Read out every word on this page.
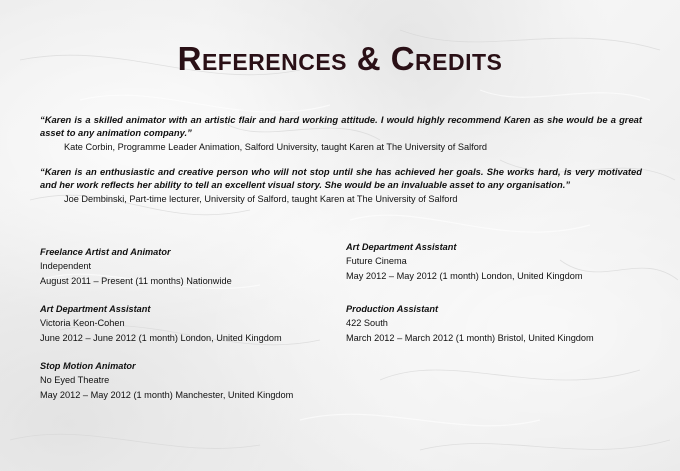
References & Credits

“Karen is a skilled animator with an artistic flair and hard working attitude. I would highly recommend Karen as she would be a great asset to any animation company.”

Kate Corbin, Programme Leader Animation, Salford University, taught Karen at The University of Salford

“Karen is an enthusiastic and creative person who will not stop until she has achieved her goals. She works hard, is very motivated and her work reflects her ability to tell an excellent visual story. She would be an invaluable asset to any organisation.”

Joe Dembinski, Part-time lecturer, University of Salford, taught Karen at The University of Salford

Freelance Artist and Animator

Independent

August 2011 – Present (11 months) Nationwide

Art Department Assistant

Victoria Keon-Cohen

June 2012 – June 2012 (1 month) London, United Kingdom

Stop Motion Animator

No Eyed Theatre

May 2012 – May 2012 (1 month) Manchester, United Kingdom

Art Department Assistant

Future Cinema

May 2012 – May 2012 (1 month) London, United Kingdom

Production Assistant

422 South

March 2012 – March 2012 (1 month) Bristol, United Kingdom
